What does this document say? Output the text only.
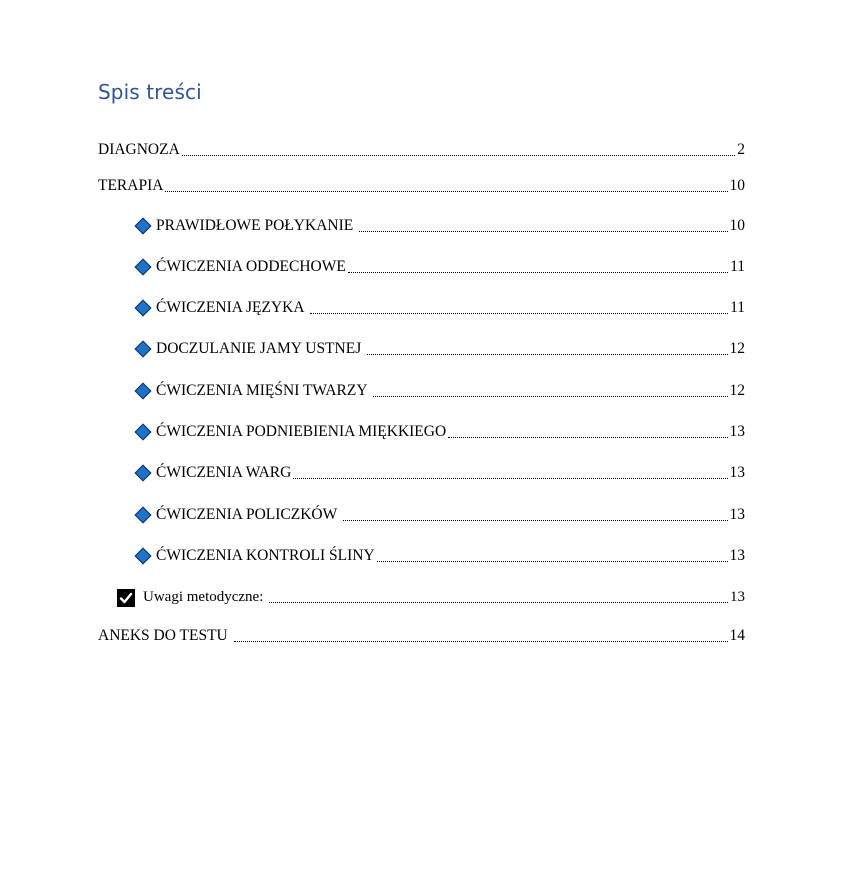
Spis treści
DIAGNOZA	2
TERAPIA	10
PRAWIDŁOWE POŁYKANIE	10
ĆWICZENIA ODDECHOWE	11
ĆWICZENIA JĘZYKA	11
DOCZULANIE JAMY USTNEJ	12
ĆWICZENIA MIĘŚNI TWARZY	12
ĆWICZENIA PODNIEBIENIA MIĘKKIEGO	13
ĆWICZENIA WARG	13
ĆWICZENIA POLICZKÓW	13
ĆWICZENIA KONTROLI ŚLINY	13
Uwagi metodyczne:	13
ANEKS DO TESTU	14
